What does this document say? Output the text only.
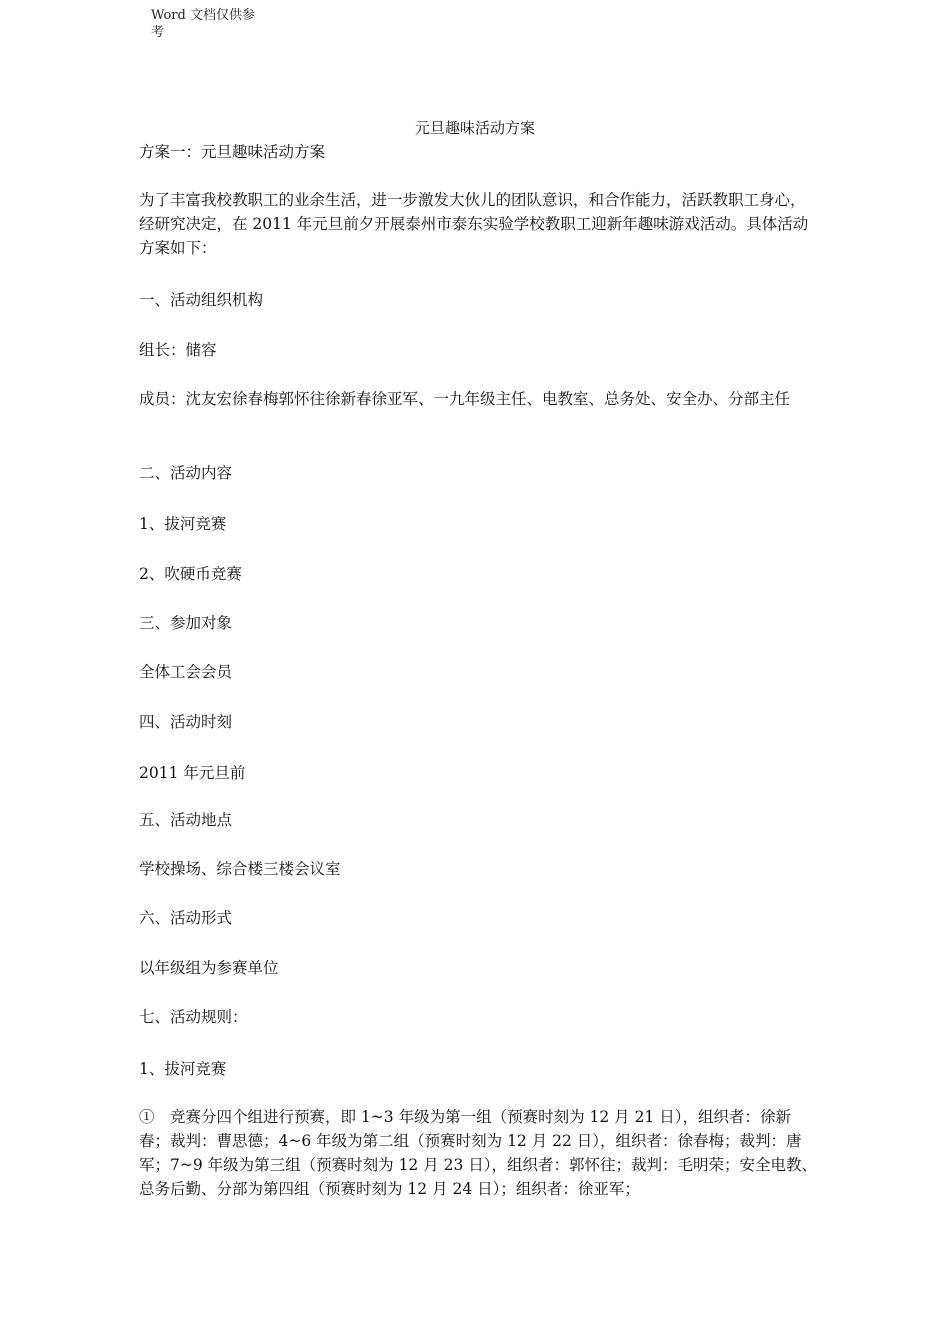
Word 文档仅供参考
元旦趣味活动方案

方案一：元旦趣味活动方案

为了丰富我校教职工的业余生活，进一步激发大伙儿的团队意识，和合作能力，活跃教职工身心，经研究决定，在 2011 年元旦前夕开展泰州市泰东实验学校教职工迎新年趣味游戏活动。具体活动方案如下：

一、活动组织机构

组长：储容

成员：沈友宏徐春梅郭怀往徐新春徐亚军、一九年级主任、电教室、总务处、安全办、分部主任

二、活动内容

1、拔河竞赛

2、吹硬币竞赛

三、参加对象

全体工会会员

四、活动时刻

2011 年元旦前

五、活动地点

学校操场、综合楼三楼会议室

六、活动形式

以年级组为参赛单位

七、活动规则：

1、拔河竞赛

①　竞赛分四个组进行预赛，即 1~3 年级为第一组（预赛时刻为 12 月 21 日），组织者：徐新春；裁判：曹思德；4~6 年级为第二组（预赛时刻为 12 月 22 日），组织者：徐春梅；裁判：唐军；7~9 年级为第三组（预赛时刻为 12 月 23 日），组织者：郭怀往；裁判：毛明荣；安全电教、总务后勤、分部为第四组（预赛时刻为 12 月 24 日）；组织者：徐亚军；
